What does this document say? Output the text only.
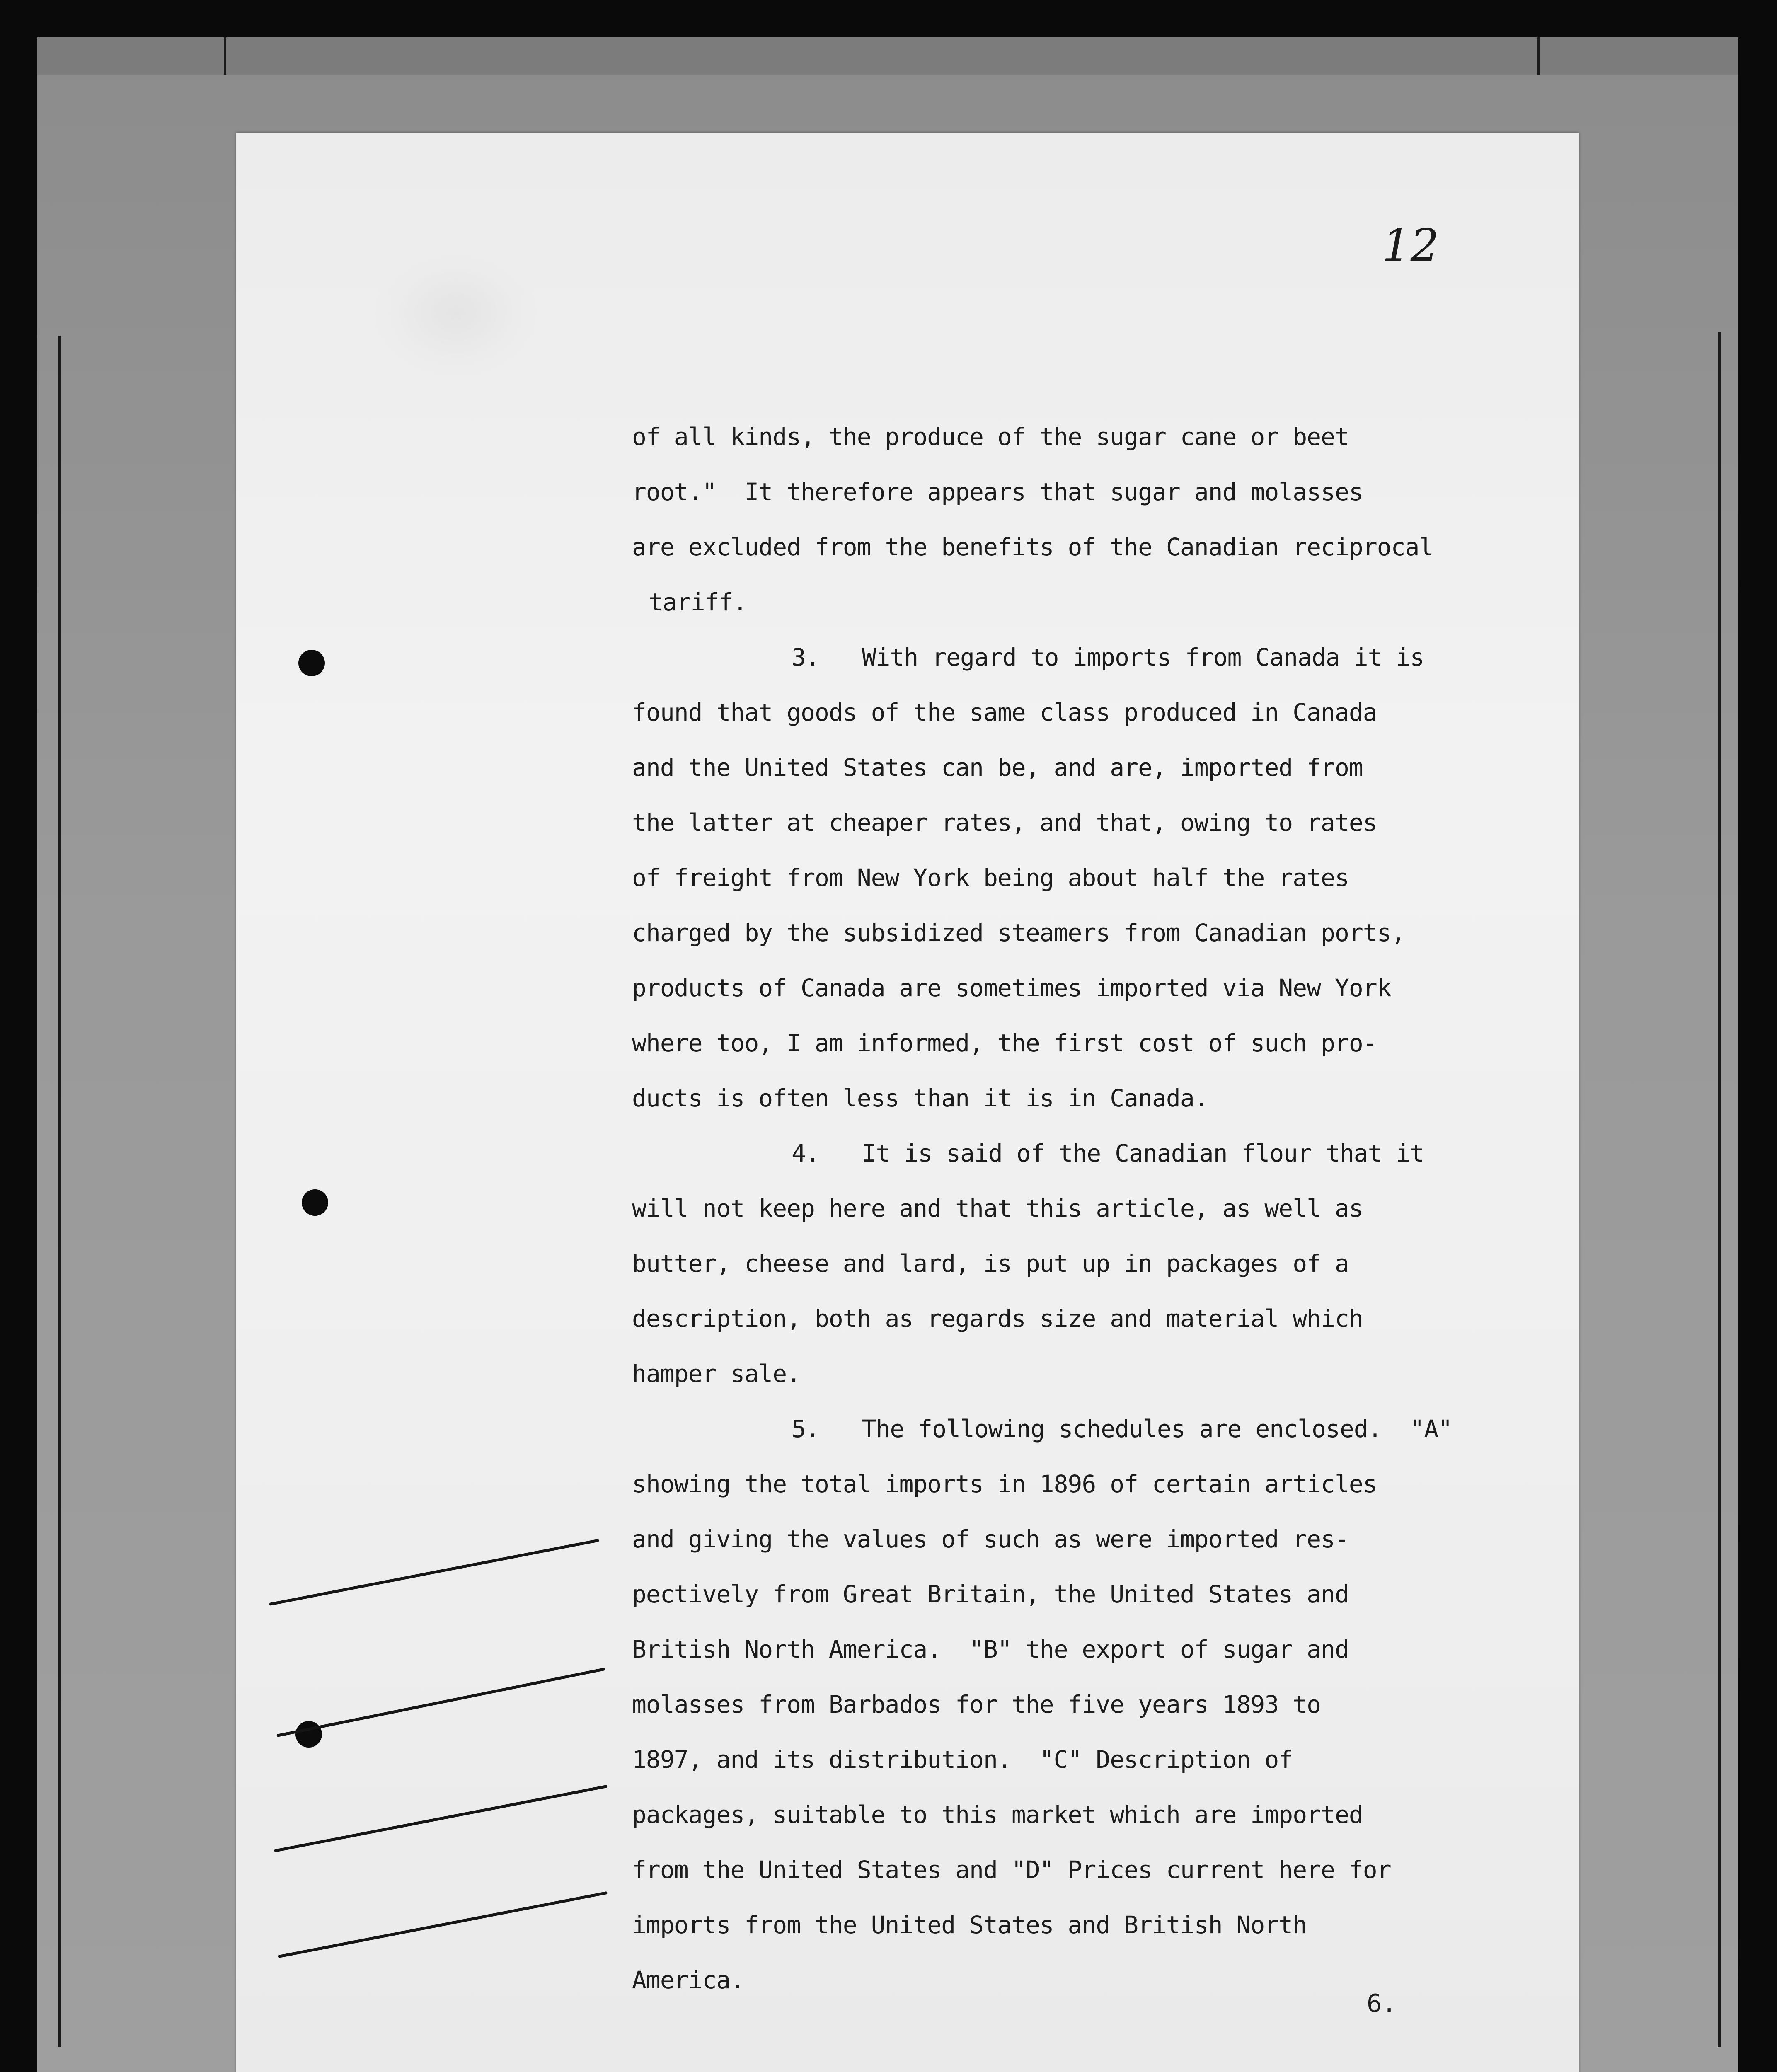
12
of all kinds, the produce of the sugar cane or beet
root."  It therefore appears that sugar and molasses
are excluded from the benefits of the Canadian reciprocal
tariff.
3.   With regard to imports from Canada it is
found that goods of the same class produced in Canada
and the United States can be, and are, imported from
the latter at cheaper rates, and that, owing to rates
of freight from New York being about half the rates
charged by the subsidized steamers from Canadian ports,
products of Canada are sometimes imported via New York
where too, I am informed, the first cost of such pro-
ducts is often less than it is in Canada.
4.   It is said of the Canadian flour that it
will not keep here and that this article, as well as
butter, cheese and lard, is put up in packages of a
description, both as regards size and material which
hamper sale.
5.   The following schedules are enclosed.  "A"
showing the total imports in 1896 of certain articles
and giving the values of such as were imported res-
pectively from Great Britain, the United States and
British North America.  "B" the export of sugar and
molasses from Barbados for the five years 1893 to
1897, and its distribution.  "C" Description of
packages, suitable to this market which are imported
from the United States and "D" Prices current here for
imports from the United States and British North
America.
6.
